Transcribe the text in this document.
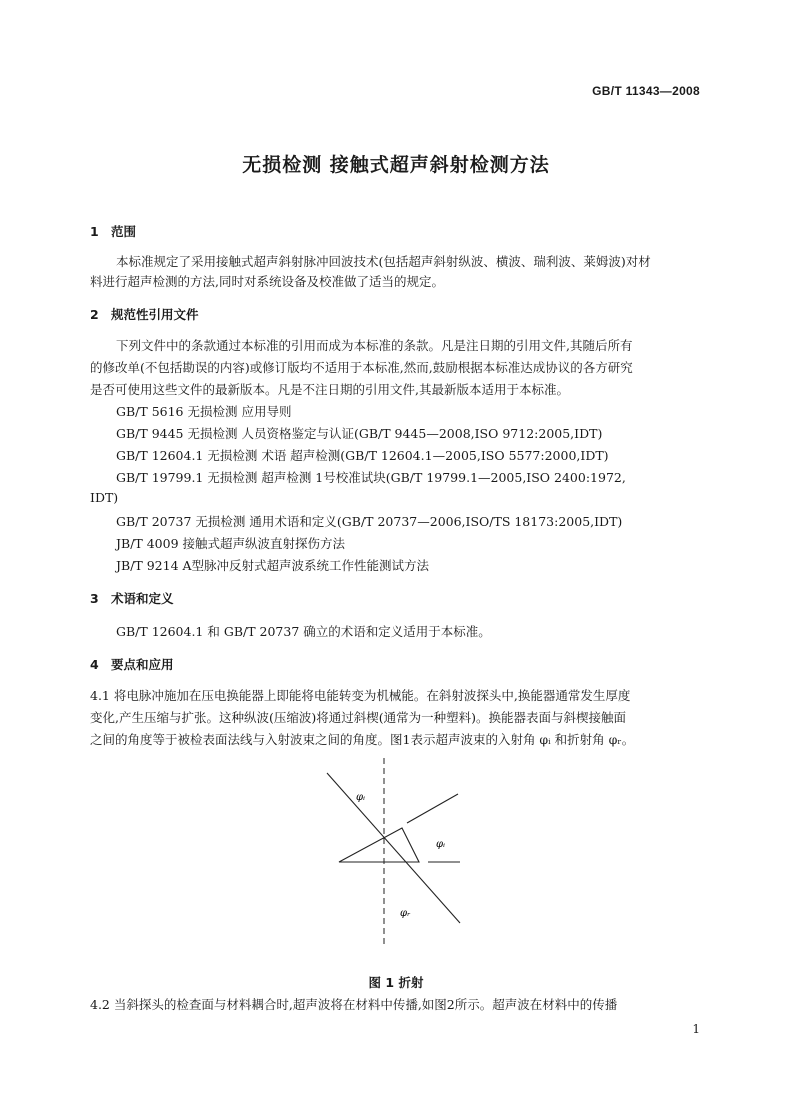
GB/T 11343—2008
无损检测 接触式超声斜射检测方法
1 范围
本标准规定了采用接触式超声斜射脉冲回波技术(包括超声斜射纵波、横波、瑞利波、莱姆波)对材
料进行超声检测的方法,同时对系统设备及校准做了适当的规定。
2 规范性引用文件
下列文件中的条款通过本标准的引用而成为本标准的条款。凡是注日期的引用文件,其随后所有
的修改单(不包括勘误的内容)或修订版均不适用于本标准,然而,鼓励根据本标准达成协议的各方研究
是否可使用这些文件的最新版本。凡是不注日期的引用文件,其最新版本适用于本标准。
GB/T 5616 无损检测 应用导则
GB/T 9445 无损检测 人员资格鉴定与认证(GB/T 9445—2008,ISO 9712:2005,IDT)
GB/T 12604.1 无损检测 术语 超声检测(GB/T 12604.1—2005,ISO 5577:2000,IDT)
GB/T 19799.1 无损检测 超声检测 1号校准试块(GB/T 19799.1—2005,ISO 2400:1972,
IDT)
GB/T 20737 无损检测 通用术语和定义(GB/T 20737—2006,ISO/TS 18173:2005,IDT)
JB/T 4009 接触式超声纵波直射探伤方法
JB/T 9214 A型脉冲反射式超声波系统工作性能测试方法
3 术语和定义
GB/T 12604.1 和 GB/T 20737 确立的术语和定义适用于本标准。
4 要点和应用
4.1 将电脉冲施加在压电换能器上即能将电能转变为机械能。在斜射波探头中,换能器通常发生厚度
变化,产生压缩与扩张。这种纵波(压缩波)将通过斜楔(通常为一种塑料)。换能器表面与斜楔接触面
之间的角度等于被检表面法线与入射波束之间的角度。图1表示超声波束的入射角 φᵢ 和折射角 φᵣ。
φᵢ
φᵢ
φᵣ
图 1 折射
4.2 当斜探头的检查面与材料耦合时,超声波将在材料中传播,如图2所示。超声波在材料中的传播
1
